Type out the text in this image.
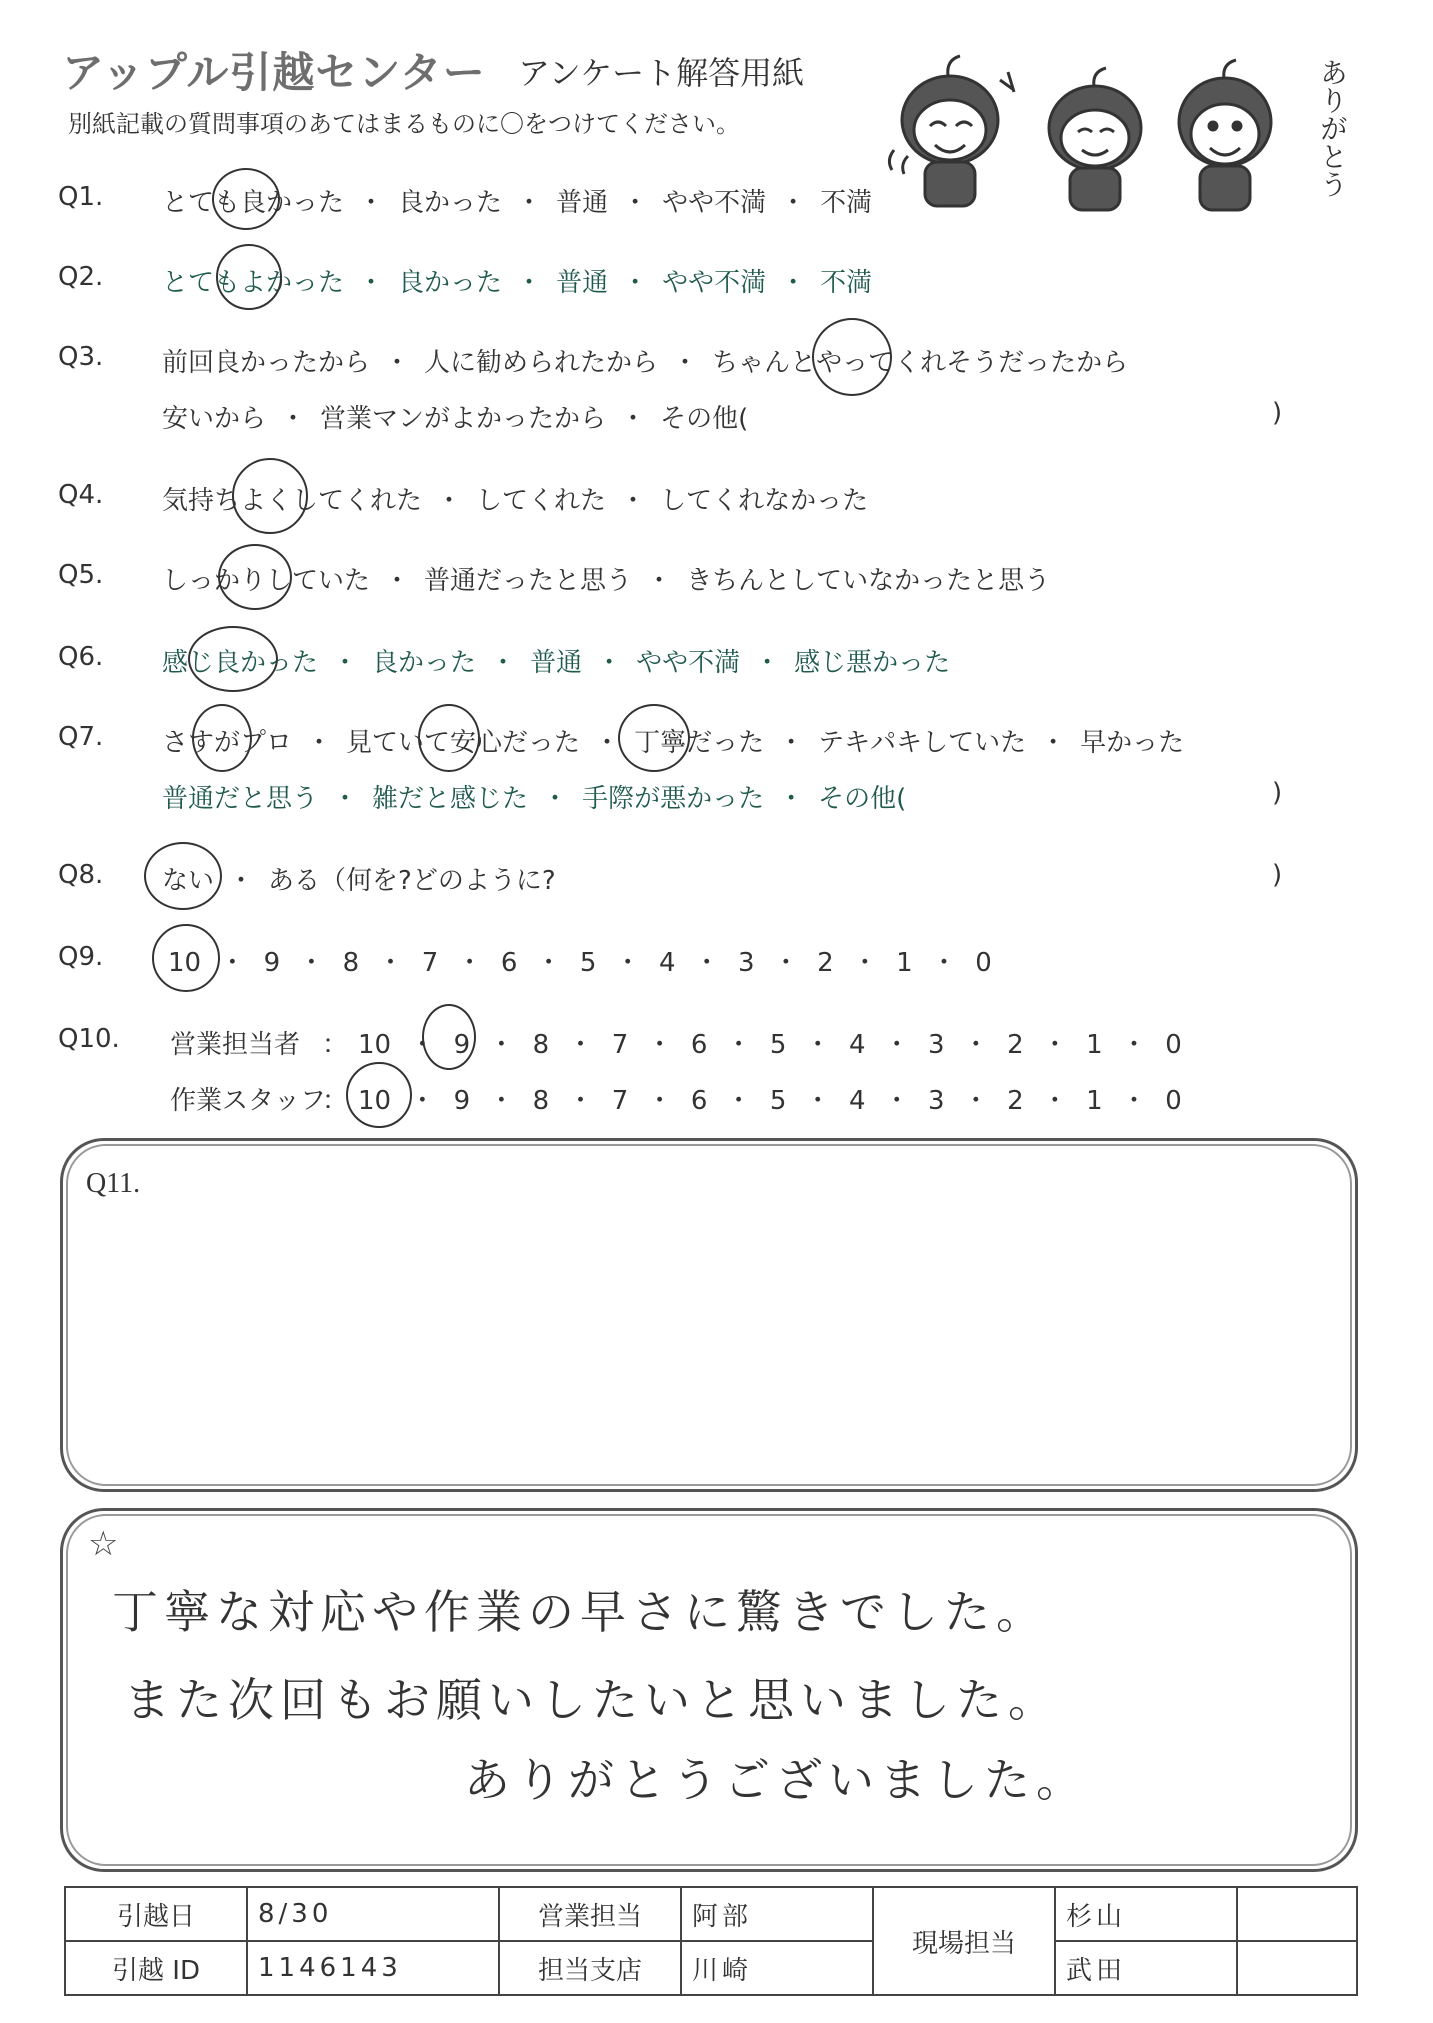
アップル引越センター アンケート解答用紙
別紙記載の質問事項のあてはまるものに〇をつけてください。	ありがとう
Q1. とても良かった ・ 良かった ・ 普通 ・ やや不満 ・ 不満
Q2. とてもよかった ・ 良かった ・ 普通 ・ やや不満 ・ 不満
Q3. 前回良かったから ・ 人に勧められたから ・ ちゃんとやってくれそうだったから
安いから ・ 営業マンがよかったから ・ その他(	)
Q4. 気持ちよくしてくれた ・ してくれた ・ してくれなかった
Q5. しっかりしていた ・ 普通だったと思う ・ きちんとしていなかったと思う
Q6. 感じ良かった ・ 良かった ・ 普通 ・ やや不満 ・ 感じ悪かった
Q7. さすがプロ ・ 見ていて安心だった ・ 丁寧だった ・ テキパキしていた ・ 早かった
普通だと思う ・ 雑だと感じた ・ 手際が悪かった ・ その他(	)
Q8. ない ・ ある（何を?どのように?	)
Q9. 10 ・ 9 ・ 8 ・ 7 ・ 6 ・ 5 ・ 4 ・ 3 ・ 2 ・ 1 ・ 0
Q10. 営業担当者 ： 10 ・ 9 ・ 8 ・ 7 ・ 6 ・ 5 ・ 4 ・ 3 ・ 2 ・ 1 ・ 0
作業スタッフ
： 10 ・ 9 ・ 8 ・ 7 ・ 6 ・ 5 ・ 4 ・ 3 ・ 2 ・ 1 ・ 0
Q11.
☆
丁寧な対応や作業の早さに驚きでした。
また次回もお願いしたいと思いました。
ありがとうございました。
引越日	8/30	営業担当	阿部	現場担当	杉山	
引越 ID	1146143	担当支店	川崎		武田	
